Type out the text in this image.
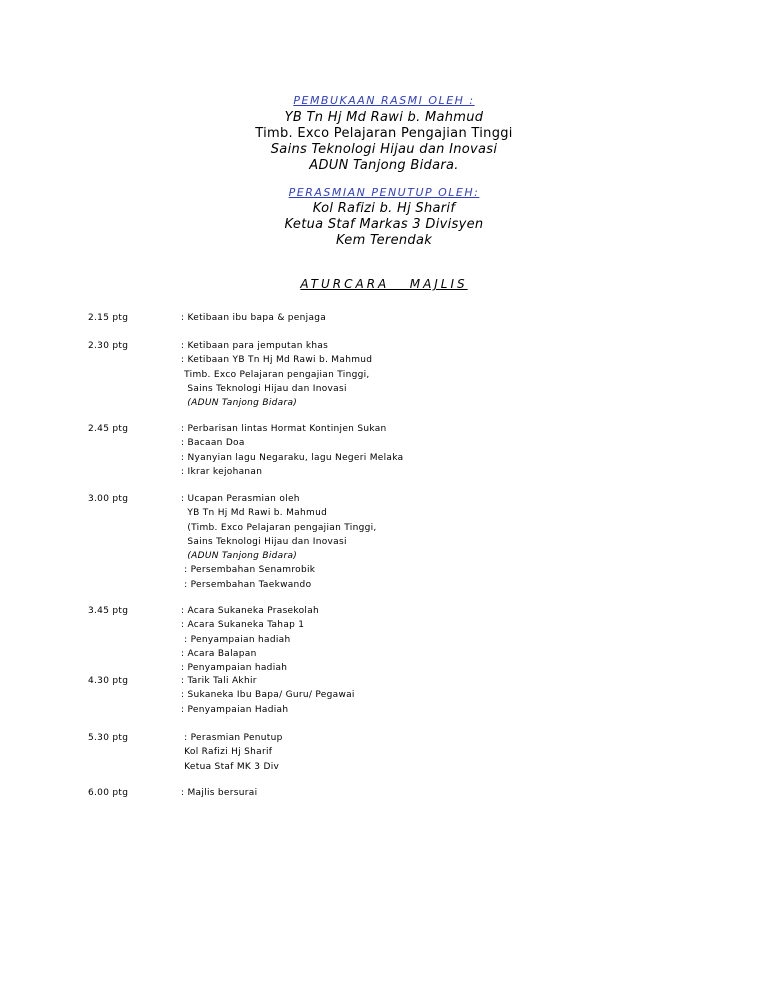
PEMBUKAAN RASMI OLEH :
YB Tn Hj Md Rawi b. Mahmud
Timb. Exco Pelajaran Pengajian Tinggi
Sains Teknologi Hijau dan Inovasi
ADUN Tanjong Bidara.
PERASMIAN PENUTUP OLEH:
Kol Rafizi b. Hj Sharif
Ketua Staf Markas 3 Divisyen
Kem Terendak
ATURCARA   MAJLIS
2.15 ptg	: Ketibaan ibu bapa & penjaga
2.30 ptg	: Ketibaan para jemputan khas
: Ketibaan YB Tn Hj Md Rawi b. Mahmud
Timb. Exco Pelajaran pengajian Tinggi,
Sains Teknologi Hijau dan Inovasi
(ADUN Tanjong Bidara)
2.45 ptg	: Perbarisan lintas Hormat Kontinjen Sukan
: Bacaan Doa
: Nyanyian lagu Negaraku, lagu Negeri Melaka
: Ikrar kejohanan
3.00 ptg	: Ucapan Perasmian oleh
YB Tn Hj Md Rawi b. Mahmud
(Timb. Exco Pelajaran pengajian Tinggi,
Sains Teknologi Hijau dan Inovasi
(ADUN Tanjong Bidara)
: Persembahan Senamrobik
: Persembahan Taekwando
3.45 ptg	: Acara Sukaneka Prasekolah
: Acara Sukaneka Tahap 1
: Penyampaian hadiah
: Acara Balapan
: Penyampaian hadiah
4.30 ptg	: Tarik Tali Akhir
: Sukaneka Ibu Bapa/ Guru/ Pegawai
: Penyampaian Hadiah
5.30 ptg	: Perasmian Penutup
Kol Rafizi Hj Sharif
Ketua Staf MK 3 Div
6.00 ptg	: Majlis bersurai
